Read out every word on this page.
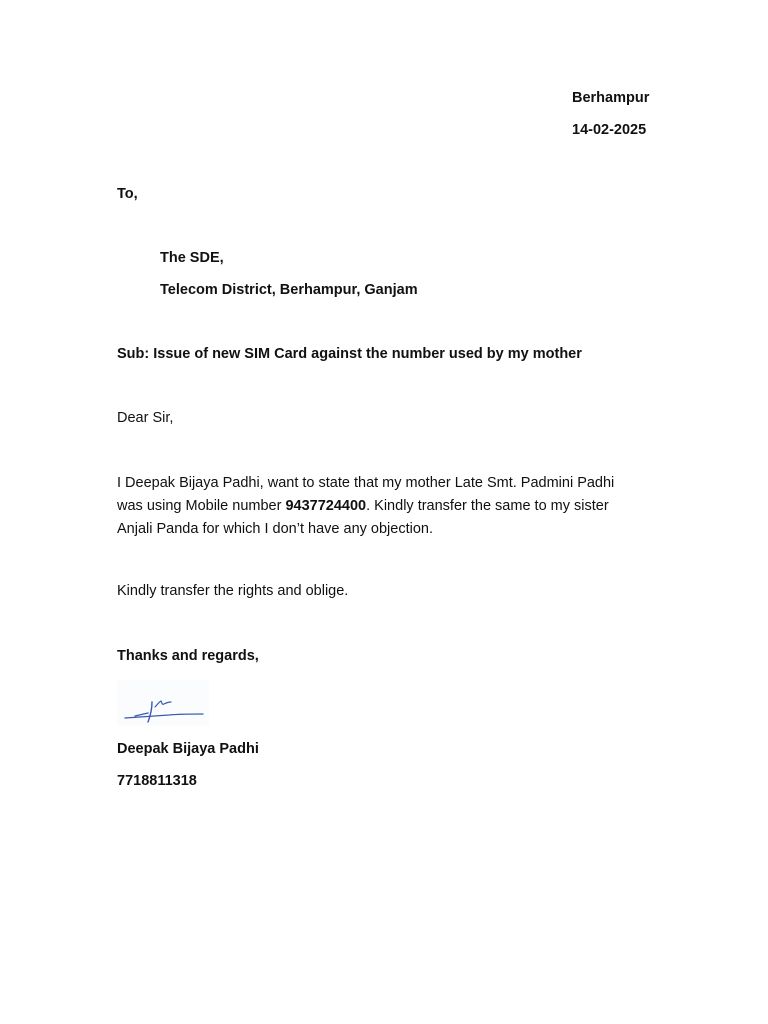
Berhampur
14-02-2025
To,
The SDE,
Telecom District, Berhampur, Ganjam
Sub: Issue of new SIM Card against the number used by my mother
Dear Sir,
I Deepak Bijaya Padhi, want to state that my mother Late Smt. Padmini Padhi
was using Mobile number 9437724400. Kindly transfer the same to my sister
Anjali Panda for which I don’t have any objection.
Kindly transfer the rights and oblige.
Thanks and regards,
Deepak Bijaya Padhi
7718811318
